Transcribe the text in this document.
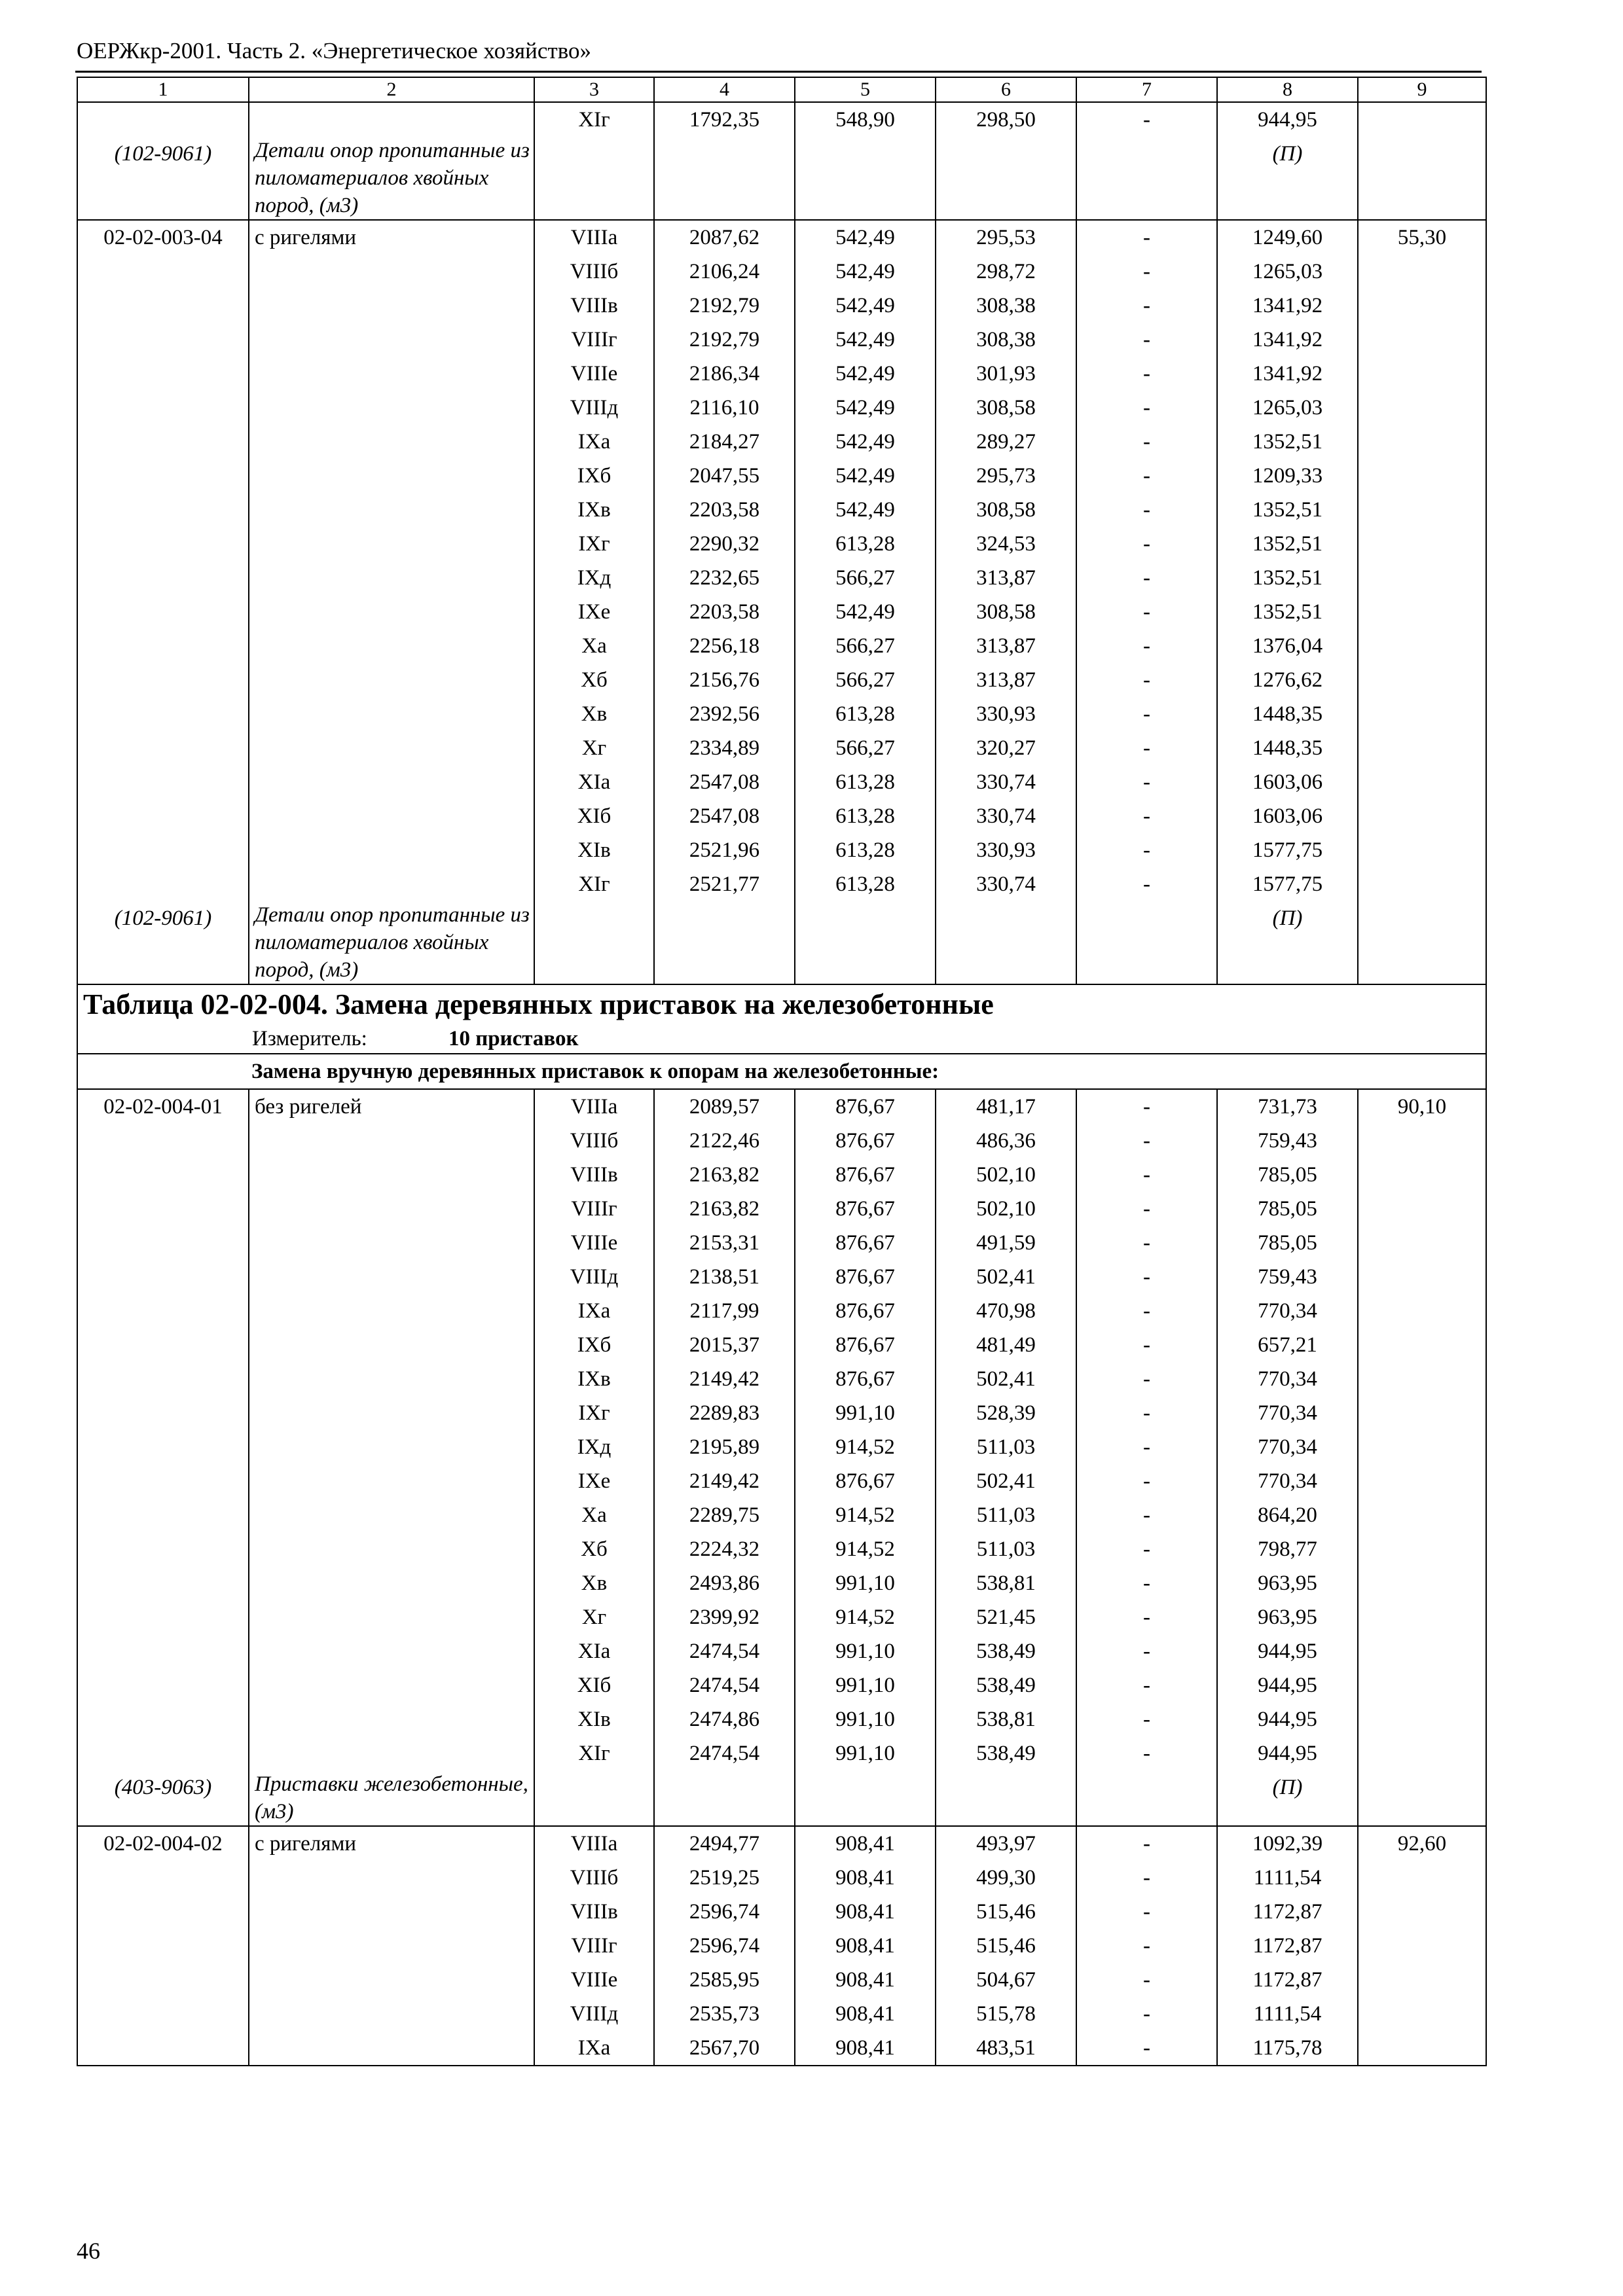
ОЕРЖкр-2001. Часть 2. «Энергетическое хозяйство»
1	2	3	4	5	6	7	8	9
		XIг	1792,35	548,90	298,50	-	944,95	
(102-9061)	Детали опор пропитанные из пиломатериалов хвойных пород, (м3)						(П)	
02-02-003-04	с ригелями	VIIIа	2087,62	542,49	295,53	-	1249,60	55,30
		VIIIб	2106,24	542,49	298,72	-	1265,03	
		VIIIв	2192,79	542,49	308,38	-	1341,92	
		VIIIг	2192,79	542,49	308,38	-	1341,92	
		VIIIе	2186,34	542,49	301,93	-	1341,92	
		VIIIд	2116,10	542,49	308,58	-	1265,03	
		IXа	2184,27	542,49	289,27	-	1352,51	
		IXб	2047,55	542,49	295,73	-	1209,33	
		IXв	2203,58	542,49	308,58	-	1352,51	
		IXг	2290,32	613,28	324,53	-	1352,51	
		IXд	2232,65	566,27	313,87	-	1352,51	
		IXе	2203,58	542,49	308,58	-	1352,51	
		Xа	2256,18	566,27	313,87	-	1376,04	
		Xб	2156,76	566,27	313,87	-	1276,62	
		Xв	2392,56	613,28	330,93	-	1448,35	
		Xг	2334,89	566,27	320,27	-	1448,35	
		XIа	2547,08	613,28	330,74	-	1603,06	
		XIб	2547,08	613,28	330,74	-	1603,06	
		XIв	2521,96	613,28	330,93	-	1577,75	
		XIг	2521,77	613,28	330,74	-	1577,75	
(102-9061)	Детали опор пропитанные из пиломатериалов хвойных пород, (м3)						(П)	
Таблица 02-02-004. Замена деревянных приставок на железобетонные								
Измеритель: 10 приставок								
Замена вручную деревянных приставок к опорам на железобетонные:								
02-02-004-01	без ригелей	VIIIа	2089,57	876,67	481,17	-	731,73	90,10
		VIIIб	2122,46	876,67	486,36	-	759,43	
		VIIIв	2163,82	876,67	502,10	-	785,05	
		VIIIг	2163,82	876,67	502,10	-	785,05	
		VIIIе	2153,31	876,67	491,59	-	785,05	
		VIIIд	2138,51	876,67	502,41	-	759,43	
		IXа	2117,99	876,67	470,98	-	770,34	
		IXб	2015,37	876,67	481,49	-	657,21	
		IXв	2149,42	876,67	502,41	-	770,34	
		IXг	2289,83	991,10	528,39	-	770,34	
		IXд	2195,89	914,52	511,03	-	770,34	
		IXе	2149,42	876,67	502,41	-	770,34	
		Xа	2289,75	914,52	511,03	-	864,20	
		Xб	2224,32	914,52	511,03	-	798,77	
		Xв	2493,86	991,10	538,81	-	963,95	
		Xг	2399,92	914,52	521,45	-	963,95	
		XIа	2474,54	991,10	538,49	-	944,95	
		XIб	2474,54	991,10	538,49	-	944,95	
		XIв	2474,86	991,10	538,81	-	944,95	
		XIг	2474,54	991,10	538,49	-	944,95	
(403-9063)	Приставки железобетонные, (м3)						(П)	
02-02-004-02	с ригелями	VIIIа	2494,77	908,41	493,97	-	1092,39	92,60
		VIIIб	2519,25	908,41	499,30	-	1111,54	
		VIIIв	2596,74	908,41	515,46	-	1172,87	
		VIIIг	2596,74	908,41	515,46	-	1172,87	
		VIIIе	2585,95	908,41	504,67	-	1172,87	
		VIIIд	2535,73	908,41	515,78	-	1111,54	
		IXа	2567,70	908,41	483,51	-	1175,78	
46
